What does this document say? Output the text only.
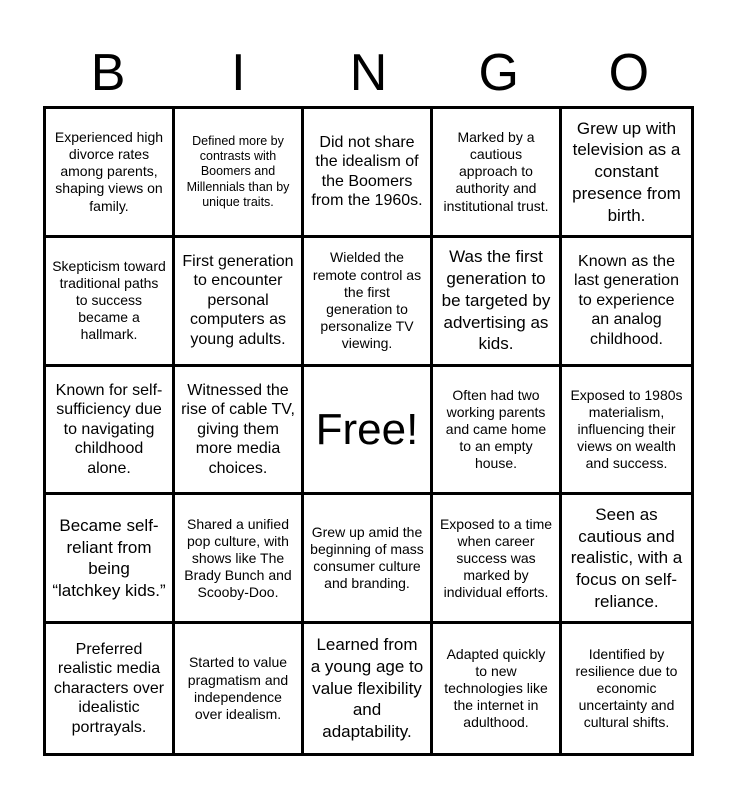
B	I	N	G	O
Experienced high divorce rates among parents, shaping views on family.
Defined more by contrasts with Boomers and Millennials than by unique traits.
Did not share the idealism of the Boomers from the 1960s.
Marked by a cautious approach to authority and institutional trust.
Grew up with television as a constant presence from birth.
Skepticism toward traditional paths to success became a hallmark.
First generation to encounter personal computers as young adults.
Wielded the remote control as the first generation to personalize TV viewing.
Was the first generation to be targeted by advertising as kids.
Known as the last generation to experience an analog childhood.
Known for self-sufficiency due to navigating childhood alone.
Witnessed the rise of cable TV, giving them more media choices.
Free!
Often had two working parents and came home to an empty house.
Exposed to 1980s materialism, influencing their views on wealth and success.
Became self-reliant from being “latchkey kids.”
Shared a unified pop culture, with shows like The Brady Bunch and Scooby-Doo.
Grew up amid the beginning of mass consumer culture and branding.
Exposed to a time when career success was marked by individual efforts.
Seen as cautious and realistic, with a focus on self-reliance.
Preferred realistic media characters over idealistic portrayals.
Started to value pragmatism and independence over idealism.
Learned from a young age to value flexibility and adaptability.
Adapted quickly to new technologies like the internet in adulthood.
Identified by resilience due to economic uncertainty and cultural shifts.
